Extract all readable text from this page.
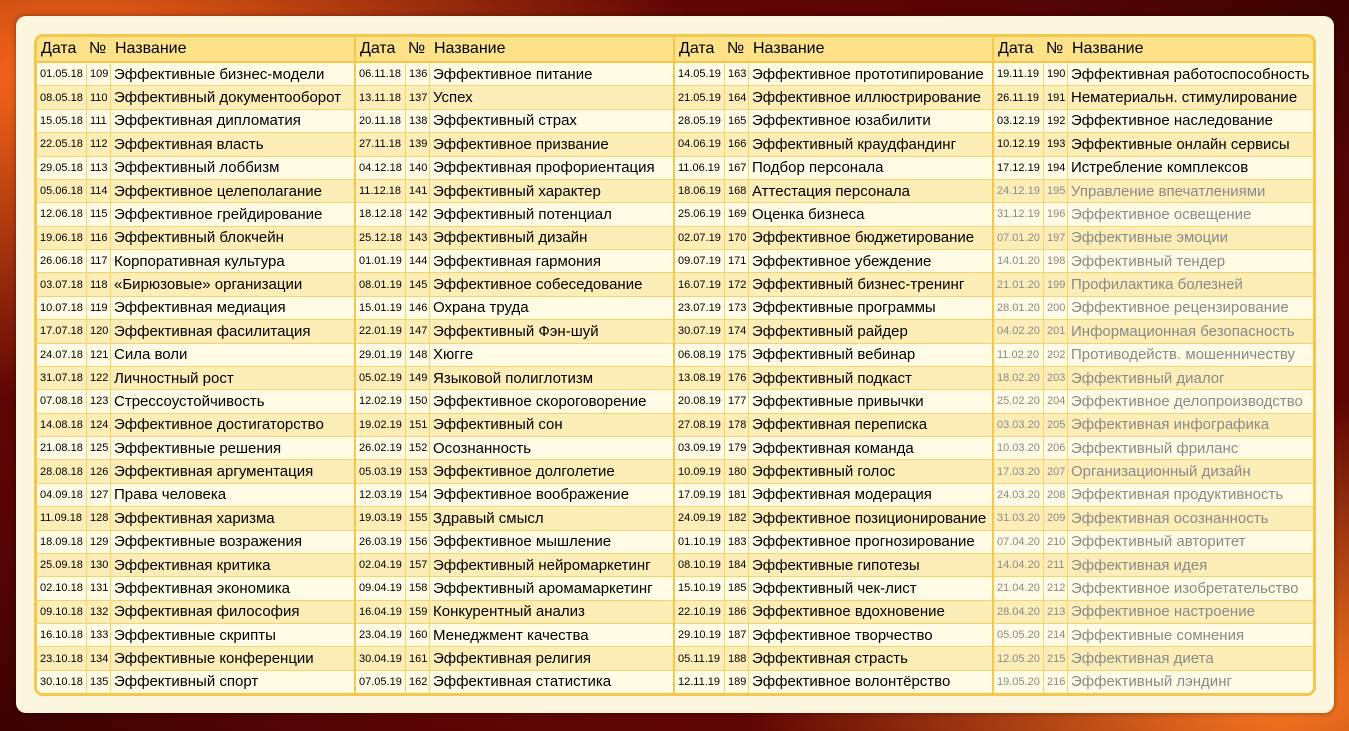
Дата № Название
01.05.18 109 Эффективные бизнес-модели
08.05.18 110 Эффективный документооборот
15.05.18 111 Эффективная дипломатия
22.05.18 112 Эффективная власть
29.05.18 113 Эффективный лоббизм
05.06.18 114 Эффективное целеполагание
12.06.18 115 Эффективное грейдирование
19.06.18 116 Эффективный блокчейн
26.06.18 117 Корпоративная культура
03.07.18 118 «Бирюзовые» организации
10.07.18 119 Эффективная медиация
17.07.18 120 Эффективная фасилитация
24.07.18 121 Сила воли
31.07.18 122 Личностный рост
07.08.18 123 Стрессоустойчивость
14.08.18 124 Эффективное достигаторство
21.08.18 125 Эффективные решения
28.08.18 126 Эффективная аргументация
04.09.18 127 Права человека
11.09.18 128 Эффективная харизма
18.09.18 129 Эффективные возражения
25.09.18 130 Эффективная критика
02.10.18 131 Эффективная экономика
09.10.18 132 Эффективная философия
16.10.18 133 Эффективные скрипты
23.10.18 134 Эффективные конференции
30.10.18 135 Эффективный спорт
Дата № Название
06.11.18 136 Эффективное питание
13.11.18 137 Успех
20.11.18 138 Эффективный страх
27.11.18 139 Эффективное призвание
04.12.18 140 Эффективная профориентация
11.12.18 141 Эффективный характер
18.12.18 142 Эффективный потенциал
25.12.18 143 Эффективный дизайн
01.01.19 144 Эффективная гармония
08.01.19 145 Эффективное собеседование
15.01.19 146 Охрана труда
22.01.19 147 Эффективный Фэн-шуй
29.01.19 148 Хюгге
05.02.19 149 Языковой полиглотизм
12.02.19 150 Эффективное скороговорение
19.02.19 151 Эффективный сон
26.02.19 152 Осознанность
05.03.19 153 Эффективное долголетие
12.03.19 154 Эффективное воображение
19.03.19 155 Здравый смысл
26.03.19 156 Эффективное мышление
02.04.19 157 Эффективный нейромаркетинг
09.04.19 158 Эффективный аромамаркетинг
16.04.19 159 Конкурентный анализ
23.04.19 160 Менеджмент качества
30.04.19 161 Эффективная религия
07.05.19 162 Эффективная статистика
Дата № Название
14.05.19 163 Эффективное прототипирование
21.05.19 164 Эффективное иллюстрирование
28.05.19 165 Эффективное юзабилити
04.06.19 166 Эффективный краудфандинг
11.06.19 167 Подбор персонала
18.06.19 168 Аттестация персонала
25.06.19 169 Оценка бизнеса
02.07.19 170 Эффективное бюджетирование
09.07.19 171 Эффективное убеждение
16.07.19 172 Эффективный бизнес-тренинг
23.07.19 173 Эффективные программы
30.07.19 174 Эффективный райдер
06.08.19 175 Эффективный вебинар
13.08.19 176 Эффективный подкаст
20.08.19 177 Эффективные привычки
27.08.19 178 Эффективная переписка
03.09.19 179 Эффективная команда
10.09.19 180 Эффективный голос
17.09.19 181 Эффективная модерация
24.09.19 182 Эффективное позиционирование
01.10.19 183 Эффективное прогнозирование
08.10.19 184 Эффективные гипотезы
15.10.19 185 Эффективный чек-лист
22.10.19 186 Эффективное вдохновение
29.10.19 187 Эффективное творчество
05.11.19 188 Эффективная страсть
12.11.19 189 Эффективное волонтёрство
Дата № Название
19.11.19 190 Эффективная работоспособность
26.11.19 191 Нематериальн. стимулирование
03.12.19 192 Эффективное наследование
10.12.19 193 Эффективные онлайн сервисы
17.12.19 194 Истребление комплексов
24.12.19 195 Управление впечатлениями
31.12.19 196 Эффективное освещение
07.01.20 197 Эффективные эмоции
14.01.20 198 Эффективный тендер
21.01.20 199 Профилактика болезней
28.01.20 200 Эффективное рецензирование
04.02.20 201 Информационная безопасность
11.02.20 202 Противодейств. мошенничеству
18.02.20 203 Эффективный диалог
25.02.20 204 Эффективное делопроизводство
03.03.20 205 Эффективная инфографика
10.03.20 206 Эффективный фриланс
17.03.20 207 Организационный дизайн
24.03.20 208 Эффективная продуктивность
31.03.20 209 Эффективная осознанность
07.04.20 210 Эффективный авторитет
14.04.20 211 Эффективная идея
21.04.20 212 Эффективное изобретательство
28.04.20 213 Эффективное настроение
05.05.20 214 Эффективные сомнения
12.05.20 215 Эффективная диета
19.05.20 216 Эффективный лэндинг
